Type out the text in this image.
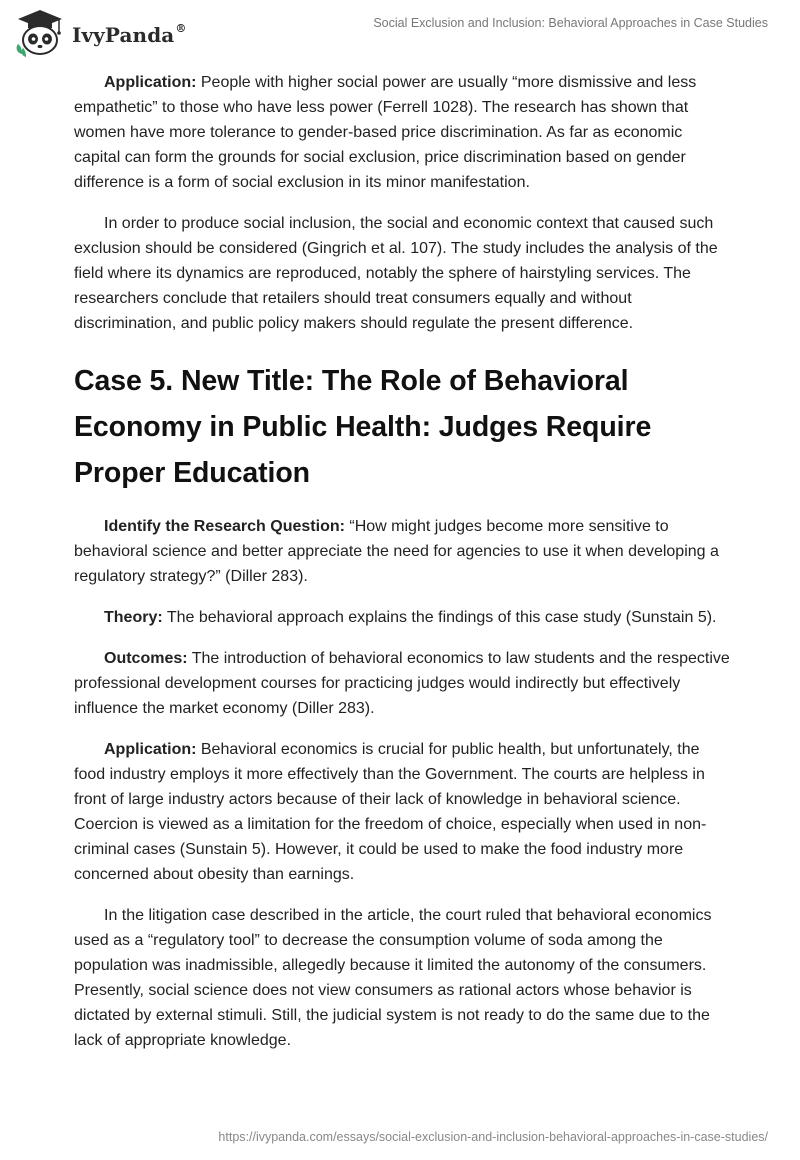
IvyPanda®	Social Exclusion and Inclusion: Behavioral Approaches in Case Studies

Application: People with higher social power are usually “more dismissive and less empathetic” to those who have less power (Ferrell 1028). The research has shown that women have more tolerance to gender-based price discrimination. As far as economic capital can form the grounds for social exclusion, price discrimination based on gender difference is a form of social exclusion in its minor manifestation.

In order to produce social inclusion, the social and economic context that caused such exclusion should be considered (Gingrich et al. 107). The study includes the analysis of the field where its dynamics are reproduced, notably the sphere of hairstyling services. The researchers conclude that retailers should treat consumers equally and without discrimination, and public policy makers should regulate the present difference.

Case 5. New Title: The Role of Behavioral Economy in Public Health: Judges Require Proper Education

Identify the Research Question: “How might judges become more sensitive to behavioral science and better appreciate the need for agencies to use it when developing a regulatory strategy?” (Diller 283).

Theory: The behavioral approach explains the findings of this case study (Sunstain 5).

Outcomes: The introduction of behavioral economics to law students and the respective professional development courses for practicing judges would indirectly but effectively influence the market economy (Diller 283).

Application: Behavioral economics is crucial for public health, but unfortunately, the food industry employs it more effectively than the Government. The courts are helpless in front of large industry actors because of their lack of knowledge in behavioral science. Coercion is viewed as a limitation for the freedom of choice, especially when used in non-criminal cases (Sunstain 5). However, it could be used to make the food industry more concerned about obesity than earnings.

In the litigation case described in the article, the court ruled that behavioral economics used as a “regulatory tool” to decrease the consumption volume of soda among the population was inadmissible, allegedly because it limited the autonomy of the consumers. Presently, social science does not view consumers as rational actors whose behavior is dictated by external stimuli. Still, the judicial system is not ready to do the same due to the lack of appropriate knowledge.

https://ivypanda.com/essays/social-exclusion-and-inclusion-behavioral-approaches-in-case-studies/
